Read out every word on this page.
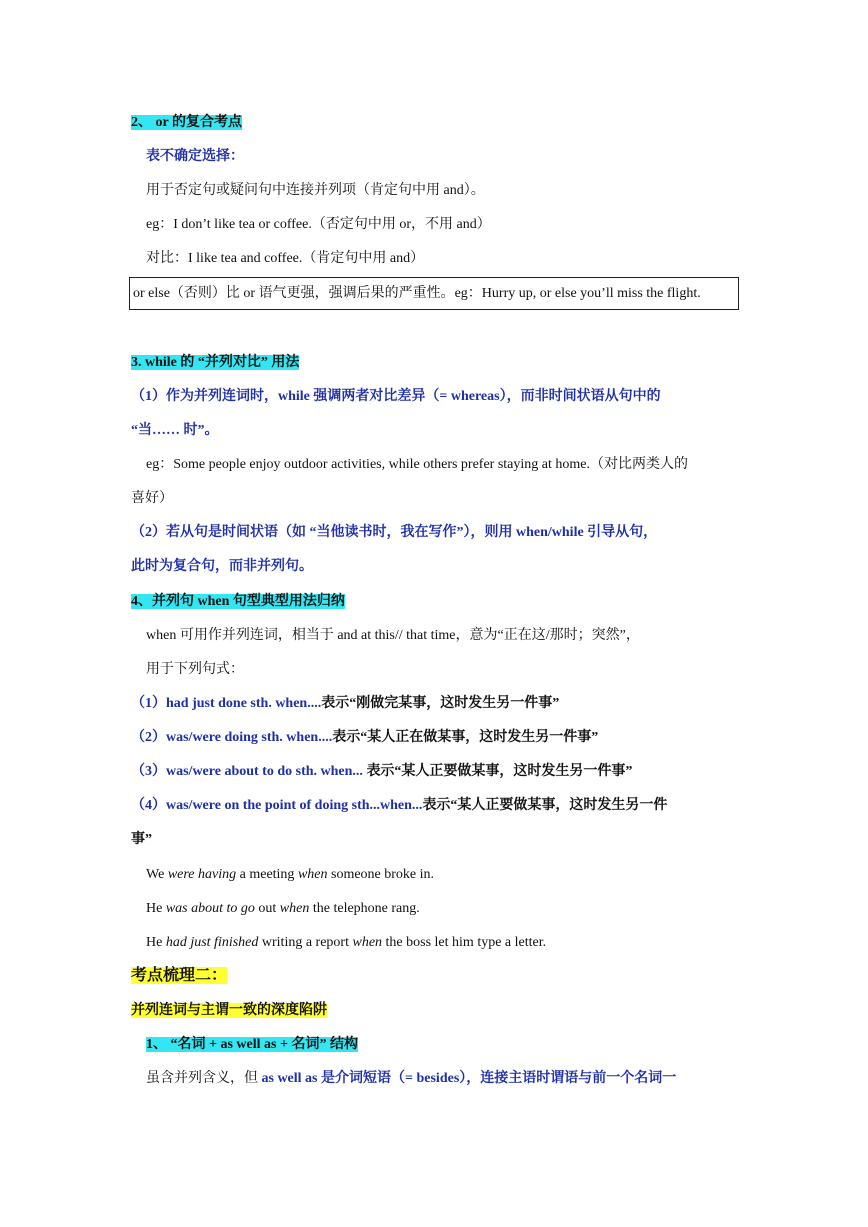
2、 or 的复合考点
表不确定选择：
用于否定句或疑问句中连接并列项（肯定句中用 and）。
eg：I don’t like tea or coffee.（否定句中用 or，不用 and）
对比：I like tea and coffee.（肯定句中用 and）
or else（否则）比 or 语气更强，强调后果的严重性。eg：Hurry up, or else you’ll miss the flight.
3. while 的 “并列对比” 用法
（1）作为并列连词时，while 强调两者对比差异（= whereas），而非时间状语从句中的
“当…… 时”。
eg：Some people enjoy outdoor activities, while others prefer staying at home.（对比两类人的
喜好）
（2）若从句是时间状语（如 “当他读书时，我在写作”），则用 when/while 引导从句，
此时为复合句，而非并列句。
4、并列句 when 句型典型用法归纳
when 可用作并列连词，相当于 and at this// that time，意为“正在这/那时；突然”，
用于下列句式：
（1）had just done sth. when....表示“刚做完某事，这时发生另一件事”
（2）was/were doing sth. when....表示“某人正在做某事，这时发生另一件事”
（3）was/were about to do sth. when... 表示“某人正要做某事，这时发生另一件事”
（4）was/were on the point of doing sth...when...表示“某人正要做某事，这时发生另一件
事”
We were having a meeting when someone broke in.
He was about to go out when the telephone rang.
He had just finished writing a report when the boss let him type a letter.
考点梳理二：
并列连词与主谓一致的深度陷阱
1、 “名词 + as well as + 名词” 结构
虽含并列含义，但 as well as 是介词短语（= besides），连接主语时谓语与前一个名词一
